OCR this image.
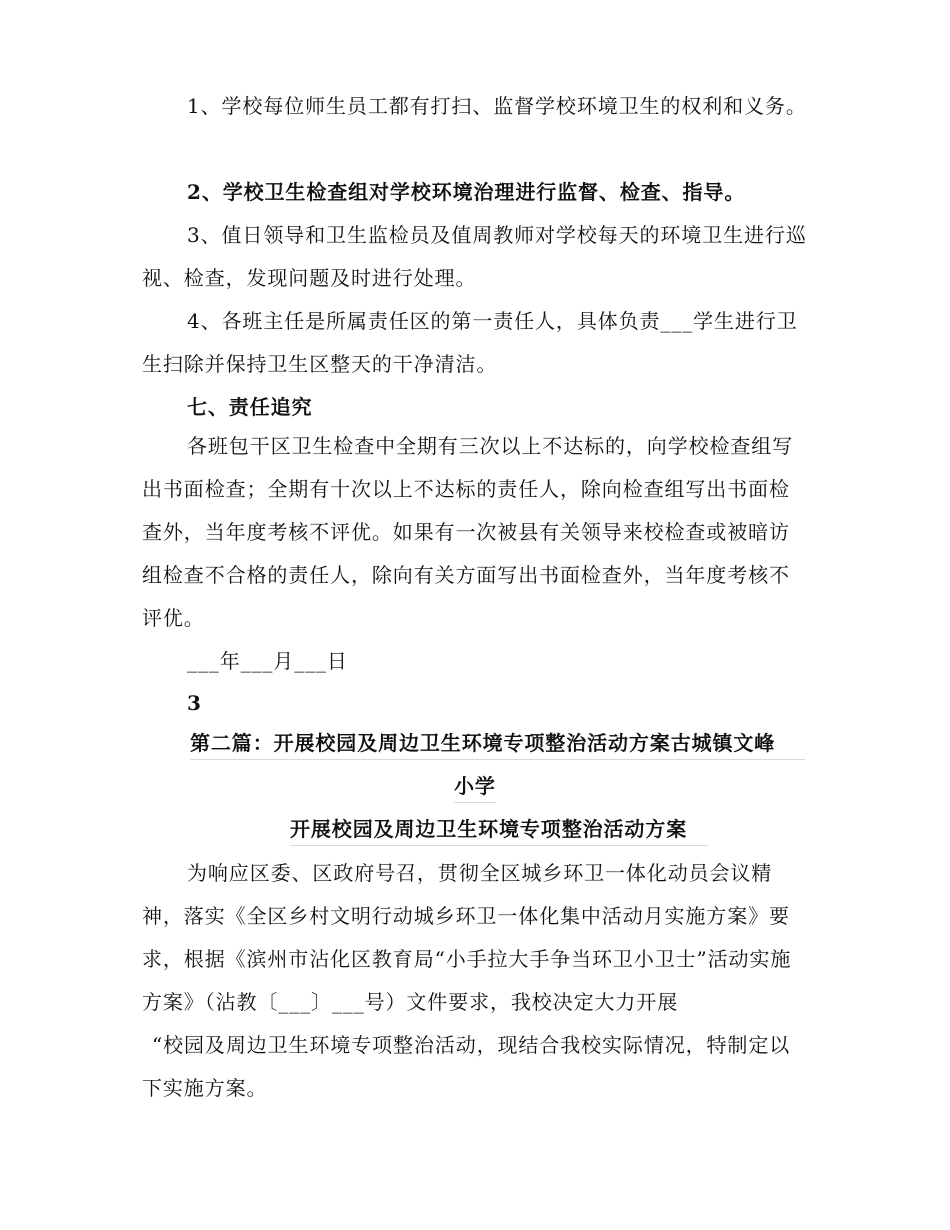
1、学校每位师生员工都有打扫、监督学校环境卫生的权利和义务。

2、学校卫生检查组对学校环境治理进行监督、检查、指导。

3、值日领导和卫生监检员及值周教师对学校每天的环境卫生进行巡视、检查，发现问题及时进行处理。

4、各班主任是所属责任区的第一责任人，具体负责___学生进行卫生扫除并保持卫生区整天的干净清洁。

七、责任追究

各班包干区卫生检查中全期有三次以上不达标的，向学校检查组写出书面检查；全期有十次以上不达标的责任人，除向检查组写出书面检查外，当年度考核不评优。如果有一次被县有关领导来校检查或被暗访组检查不合格的责任人，除向有关方面写出书面检查外，当年度考核不评优。

___年___月___日

3

第二篇：开展校园及周边卫生环境专项整治活动方案古城镇文峰
小学
开展校园及周边卫生环境专项整治活动方案

为响应区委、区政府号召，贯彻全区城乡环卫一体化动员会议精神，落实《全区乡村文明行动城乡环卫一体化集中活动月实施方案》要求，根据《滨州市沾化区教育局“小手拉大手争当环卫小卫士”活动实施方案》（沾教〔___〕___号）文件要求，我校决定大力开展

“校园及周边卫生环境专项整治活动，现结合我校实际情况，特制定以下实施方案。
